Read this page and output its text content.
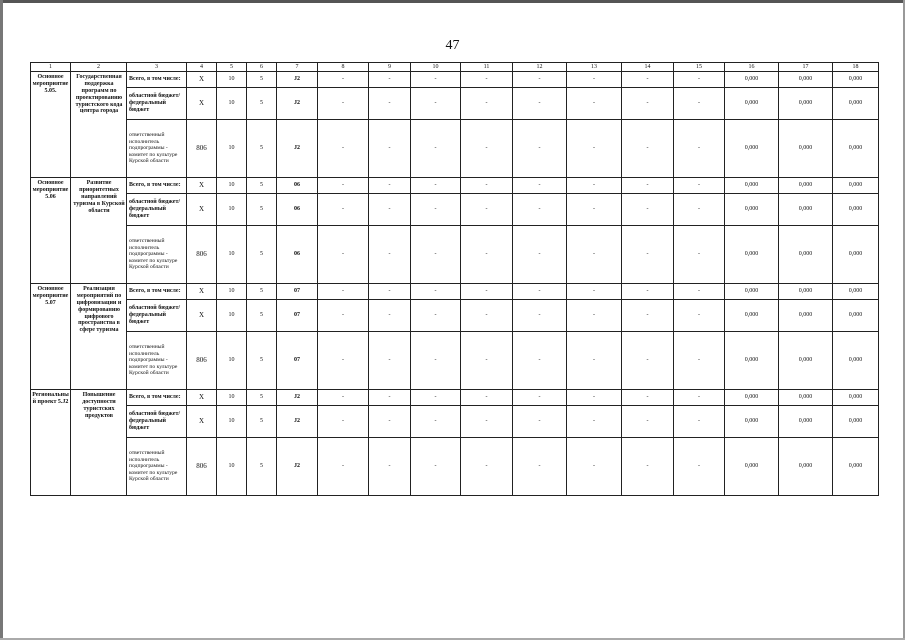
47
1	2	3	4	5	6	7	8	9	10	11	12	13	14	15	16	17	18
Основное мероприятие 5.05.	Государственная поддержка программ по проектированию туристского кода центра города	Всего, в том числе:	X	10	5	J2	-	-	-	-	-	-	-	-	0,000	0,000	0,000
		областной бюджет/ федеральный бюджет	X	10	5	J2	-	-	-	-	-	-	-	-	0,000	0,000	0,000
		ответственный исполнитель подпрограммы - комитет по культуре Курской области	806	10	5	J2	-	-	-	-	-	-	-	-	0,000	0,000	0,000
Основное мероприятие 5.06	Развитие приоритетных направлений туризма в Курской области	Всего, в том числе:	X	10	5	06	-	-	-	-	-	-	-	-	0,000	0,000	0,000
		областной бюджет/ федеральный бюджет	X	10	5	06	-	-	-	-	-	-	-	-	0,000	0,000	0,000
		ответственный исполнитель подпрограммы - комитет по культуре Курской области	806	10	5	06	-	-	-	-	-	-	-	-	0,000	0,000	0,000
Основное мероприятие 5.07	Реализация мероприятий по цифровизации и формированию цифрового пространства в сфере туризма	Всего, в том числе:	X	10	5	07	-	-	-	-	-	-	-	-	0,000	0,000	0,000
		областной бюджет/ федеральный бюджет	X	10	5	07	-	-	-	-	-	-	-	-	0,000	0,000	0,000
		ответственный исполнитель подпрограммы - комитет по культуре Курской области	806	10	5	07	-	-	-	-	-	-	-	-	0,000	0,000	0,000
Региональный проект 5.J2	Повышение доступности туристских продуктов	Всего, в том числе:	X	10	5	J2	-	-	-	-	-	-	-	-	0,000	0,000	0,000
		областной бюджет/ федеральный бюджет	X	10	5	J2	-	-	-	-	-	-	-	-	0,000	0,000	0,000
		ответственный исполнитель подпрограммы - комитет по культуре Курской области	806	10	5	J2	-	-	-	-	-	-	-	-	0,000	0,000	0,000
